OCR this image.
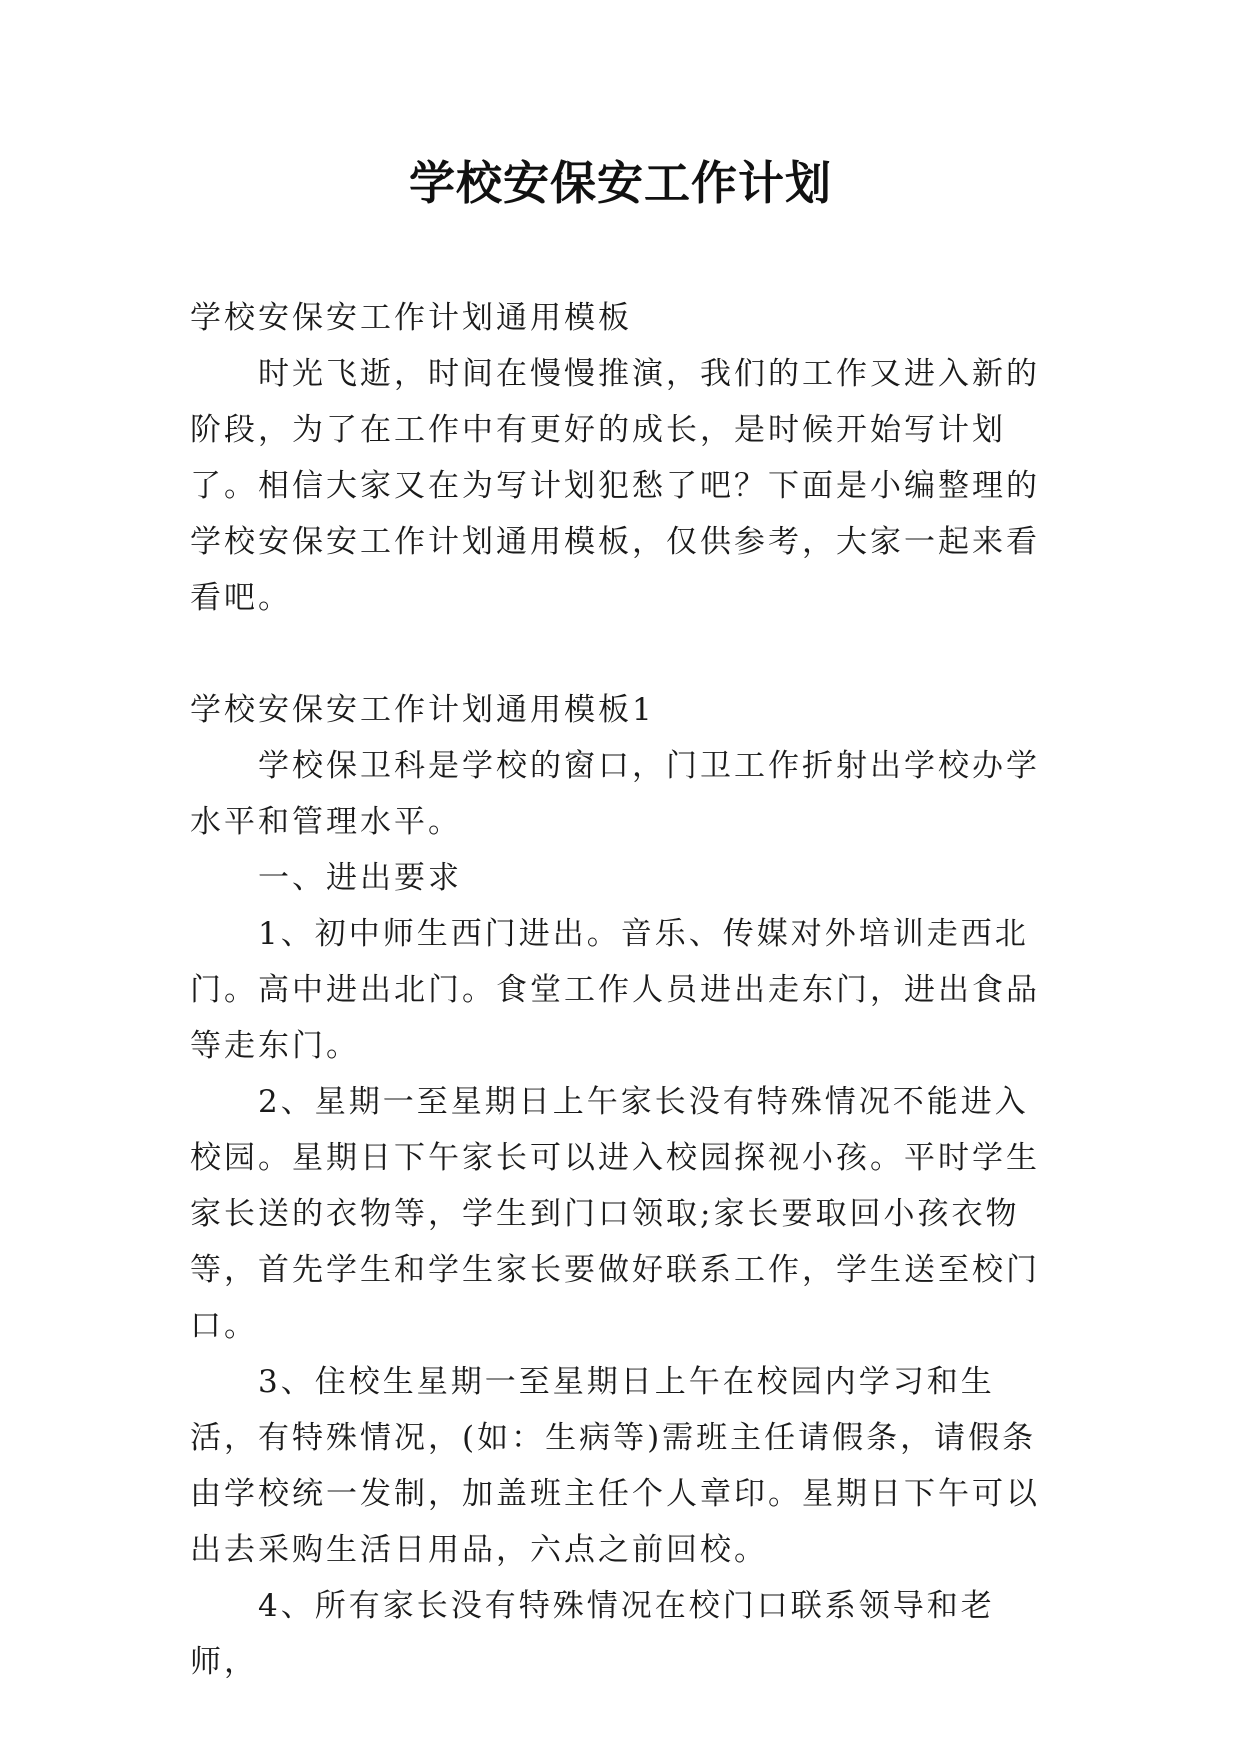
学校安保安工作计划

学校安保安工作计划通用模板

时光飞逝，时间在慢慢推演，我们的工作又进入新的阶段，为了在工作中有更好的成长，是时候开始写计划了。相信大家又在为写计划犯愁了吧？下面是小编整理的学校安保安工作计划通用模板，仅供参考，大家一起来看看吧。

学校安保安工作计划通用模板1

学校保卫科是学校的窗口，门卫工作折射出学校办学水平和管理水平。

一、进出要求

1、初中师生西门进出。音乐、传媒对外培训走西北门。高中进出北门。食堂工作人员进出走东门，进出食品等走东门。

2、星期一至星期日上午家长没有特殊情况不能进入校园。星期日下午家长可以进入校园探视小孩。平时学生家长送的衣物等，学生到门口领取;家长要取回小孩衣物等，首先学生和学生家长要做好联系工作，学生送至校门口。

3、住校生星期一至星期日上午在校园内学习和生活，有特殊情况，(如：生病等)需班主任请假条，请假条由学校统一发制，加盖班主任个人章印。星期日下午可以出去采购生活日用品，六点之前回校。

4、所有家长没有特殊情况在校门口联系领导和老师，
